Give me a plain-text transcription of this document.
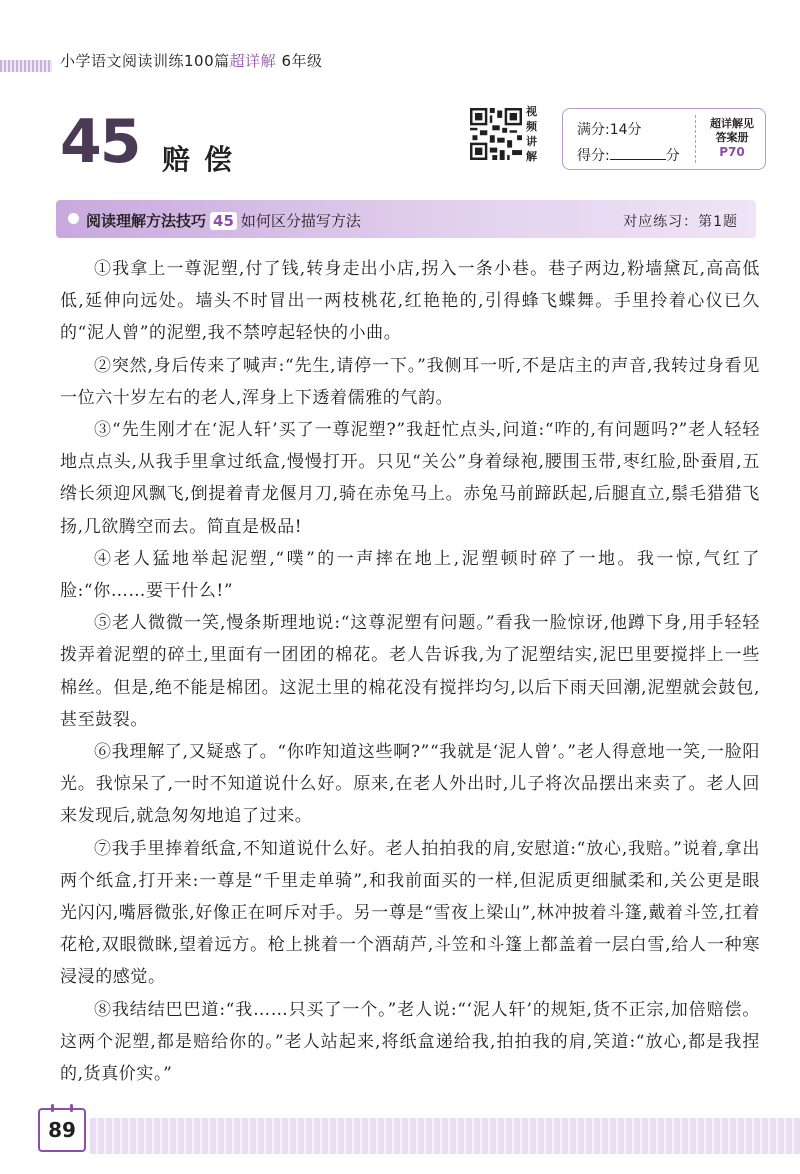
小学语文阅读训练100篇超详解 6年级
45 赔偿
视频讲解
满分:14分
得分:	分
超详解见
答案册
P70
阅读理解方法技巧 45 如何区分描写方法	对应练习：第1题

①我拿上一尊泥塑,付了钱,转身走出小店,拐入一条小巷。巷子两边,粉墙黛瓦,高高低低,延伸向远处。墙头不时冒出一两枝桃花,红艳艳的,引得蜂飞蝶舞。手里拎着心仪已久的“泥人曾”的泥塑,我不禁哼起轻快的小曲。

②突然,身后传来了喊声:“先生,请停一下。”我侧耳一听,不是店主的声音,我转过身看见一位六十岁左右的老人,浑身上下透着儒雅的气韵。

③“先生刚才在‘泥人轩’买了一尊泥塑?”我赶忙点头,问道:“咋的,有问题吗?”老人轻轻地点点头,从我手里拿过纸盒,慢慢打开。只见“关公”身着绿袍,腰围玉带,枣红脸,卧蚕眉,五绺长须迎风飘飞,倒提着青龙偃月刀,骑在赤兔马上。赤兔马前蹄跃起,后腿直立,鬃毛猎猎飞扬,几欲腾空而去。简直是极品!

④老人猛地举起泥塑,“噗”的一声摔在地上,泥塑顿时碎了一地。我一惊,气红了脸:“你……要干什么!”

⑤老人微微一笑,慢条斯理地说:“这尊泥塑有问题。”看我一脸惊讶,他蹲下身,用手轻轻拨弄着泥塑的碎土,里面有一团团的棉花。老人告诉我,为了泥塑结实,泥巴里要搅拌上一些棉丝。但是,绝不能是棉团。这泥土里的棉花没有搅拌均匀,以后下雨天回潮,泥塑就会鼓包,甚至鼓裂。

⑥我理解了,又疑惑了。“你咋知道这些啊?”“我就是‘泥人曾’。”老人得意地一笑,一脸阳光。我惊呆了,一时不知道说什么好。原来,在老人外出时,儿子将次品摆出来卖了。老人回来发现后,就急匆匆地追了过来。

⑦我手里捧着纸盒,不知道说什么好。老人拍拍我的肩,安慰道:“放心,我赔。”说着,拿出两个纸盒,打开来:一尊是“千里走单骑”,和我前面买的一样,但泥质更细腻柔和,关公更是眼光闪闪,嘴唇微张,好像正在呵斥对手。另一尊是“雪夜上梁山”,林冲披着斗篷,戴着斗笠,扛着花枪,双眼微眯,望着远方。枪上挑着一个酒葫芦,斗笠和斗篷上都盖着一层白雪,给人一种寒浸浸的感觉。

⑧我结结巴巴道:“我……只买了一个。”老人说:“‘泥人轩’的规矩,货不正宗,加倍赔偿。这两个泥塑,都是赔给你的。”老人站起来,将纸盒递给我,拍拍我的肩,笑道:“放心,都是我捏的,货真价实。”

89
